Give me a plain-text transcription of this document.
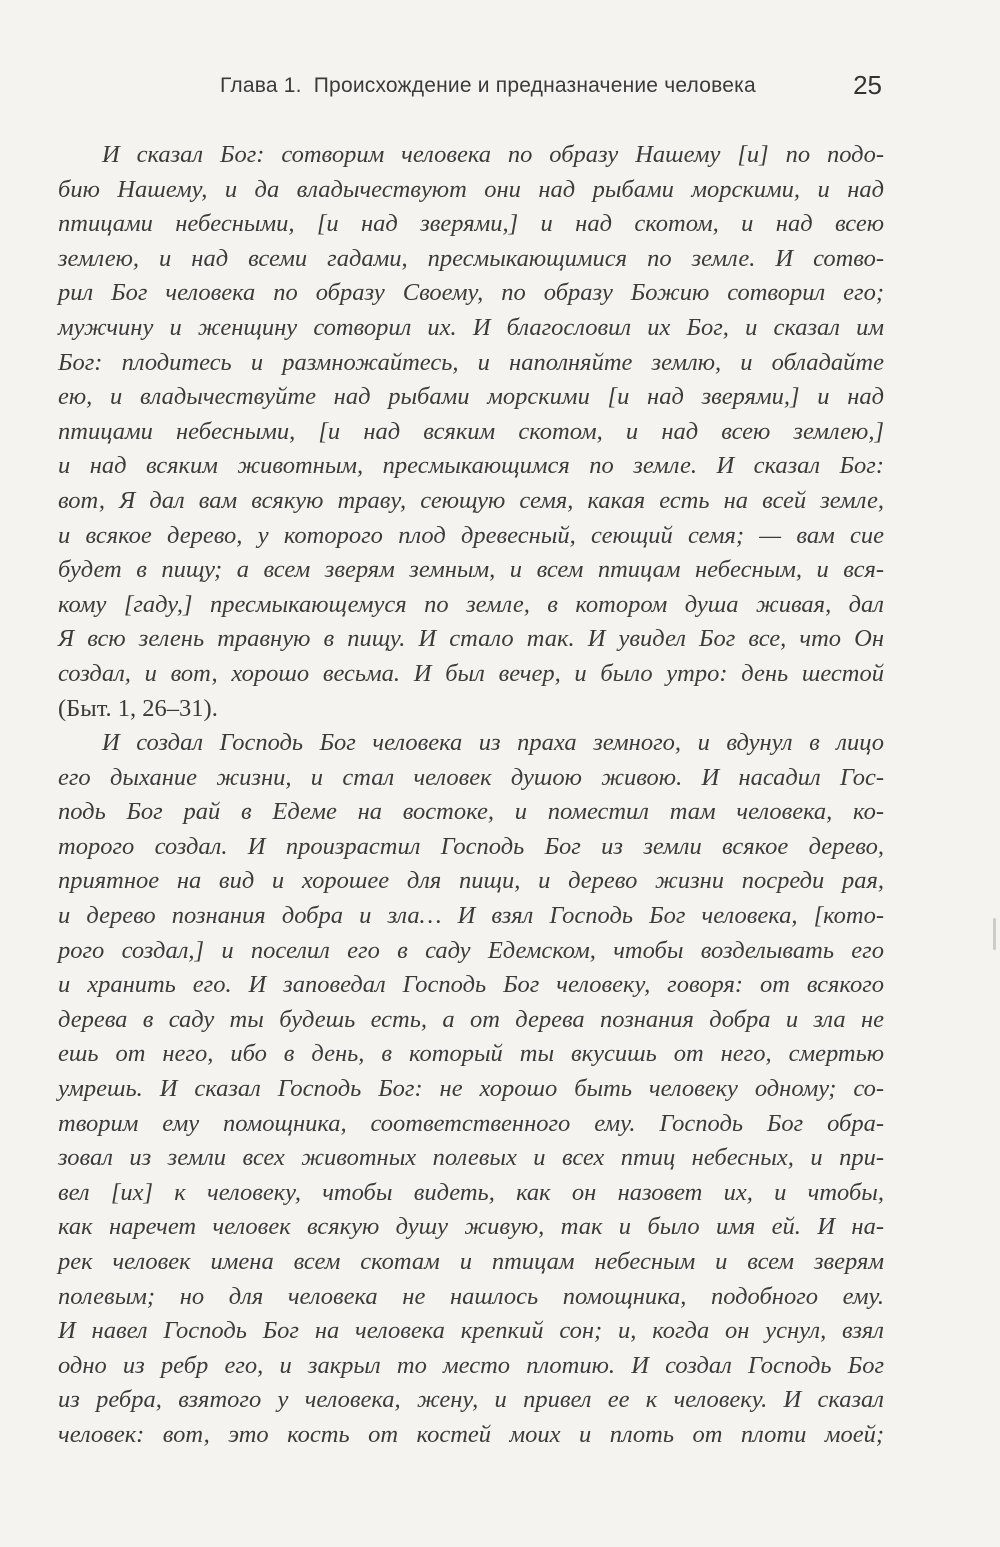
Глава 1. Происхождение и предназначение человека	25
И сказал Бог: сотворим человека по образу Нашему [и] по подо-
бию Нашему, и да владычествуют они над рыбами морскими, и над
птицами небесными, [и над зверями,] и над скотом, и над всею
землею, и над всеми гадами, пресмыкающимися по земле. И сотво-
рил Бог человека по образу Своему, по образу Божию сотворил его;
мужчину и женщину сотворил их. И благословил их Бог, и сказал им
Бог: плодитесь и размножайтесь, и наполняйте землю, и обладайте
ею, и владычествуйте над рыбами морскими [и над зверями,] и над
птицами небесными, [и над всяким скотом, и над всею землею,]
и над всяким животным, пресмыкающимся по земле. И сказал Бог:
вот, Я дал вам всякую траву, сеющую семя, какая есть на всей земле,
и всякое дерево, у которого плод древесный, сеющий семя; — вам сие
будет в пищу; а всем зверям земным, и всем птицам небесным, и вся-
кому [гаду,] пресмыкающемуся по земле, в котором душа живая, дал
Я всю зелень травную в пищу. И стало так. И увидел Бог все, что Он
создал, и вот, хорошо весьма. И был вечер, и было утро: день шестой
(Быт. 1, 26–31).
И создал Господь Бог человека из праха земного, и вдунул в лицо
его дыхание жизни, и стал человек душою живою. И насадил Гос-
подь Бог рай в Едеме на востоке, и поместил там человека, ко-
торого создал. И произрастил Господь Бог из земли всякое дерево,
приятное на вид и хорошее для пищи, и дерево жизни посреди рая,
и дерево познания добра и зла… И взял Господь Бог человека, [кото-
рого создал,] и поселил его в саду Едемском, чтобы возделывать его
и хранить его. И заповедал Господь Бог человеку, говоря: от всякого
дерева в саду ты будешь есть, а от дерева познания добра и зла не
ешь от него, ибо в день, в который ты вкусишь от него, смертью
умрешь. И сказал Господь Бог: не хорошо быть человеку одному; со-
творим ему помощника, соответственного ему. Господь Бог обра-
зовал из земли всех животных полевых и всех птиц небесных, и при-
вел [их] к человеку, чтобы видеть, как он назовет их, и чтобы,
как наречет человек всякую душу живую, так и было имя ей. И на-
рек человек имена всем скотам и птицам небесным и всем зверям
полевым; но для человека не нашлось помощника, подобного ему.
И навел Господь Бог на человека крепкий сон; и, когда он уснул, взял
одно из ребр его, и закрыл то место плотию. И создал Господь Бог
из ребра, взятого у человека, жену, и привел ее к человеку. И сказал
человек: вот, это кость от костей моих и плоть от плоти моей;
